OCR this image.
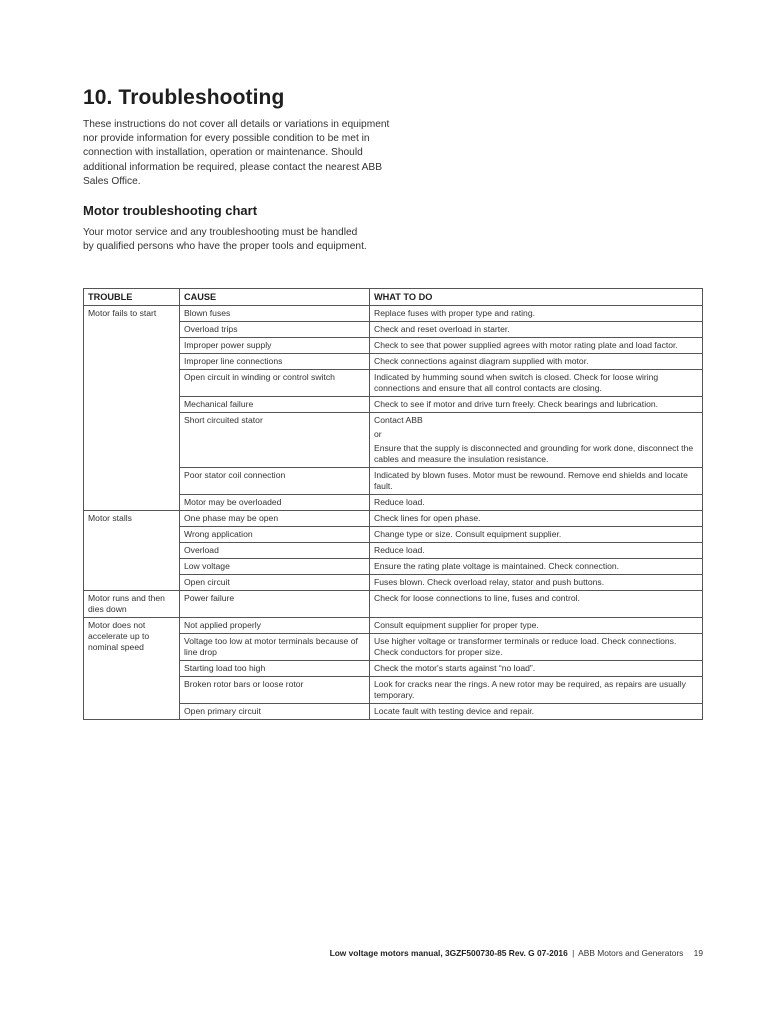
10. Troubleshooting

These instructions do not cover all details or variations in equipment nor provide information for every possible condition to be met in connection with installation, operation or maintenance. Should additional information be required, please contact the nearest ABB Sales Office.

Motor troubleshooting chart

Your motor service and any troubleshooting must be handled by qualified persons who have the proper tools and equipment.

TROUBLE	CAUSE	WHAT TO DO
Motor fails to start	Blown fuses	Replace fuses with proper type and rating.
	Overload trips	Check and reset overload in starter.
	Improper power supply	Check to see that power supplied agrees with motor rating plate and load factor.
	Improper line connections	Check connections against diagram supplied with motor.
	Open circuit in winding or control switch	Indicated by humming sound when switch is closed. Check for loose wiring connections and ensure that all control contacts are closing.
	Mechanical failure	Check to see if motor and drive turn freely. Check bearings and lubrication.
	Short circuited stator	Contact ABB
or
Ensure that the supply is disconnected and grounding for work done, disconnect the cables and measure the insulation resistance.
	Poor stator coil connection	Indicated by blown fuses. Motor must be rewound. Remove end shields and locate fault.
	Motor may be overloaded	Reduce load.
Motor stalls	One phase may be open	Check lines for open phase.
	Wrong application	Change type or size. Consult equipment supplier.
	Overload	Reduce load.
	Low voltage	Ensure the rating plate voltage is maintained. Check connection.
	Open circuit	Fuses blown. Check overload relay, stator and push buttons.
Motor runs and then dies down	Power failure	Check for loose connections to line, fuses and control.
Motor does not accelerate up to nominal speed	Not applied properly	Consult equipment supplier for proper type.
	Voltage too low at motor terminals because of line drop	Use higher voltage or transformer terminals or reduce load. Check connections. Check conductors for proper size.
	Starting load too high	Check the motor's starts against “no load”.
	Broken rotor bars or loose rotor	Look for cracks near the rings. A new rotor may be required, as repairs are usually temporary.
	Open primary circuit	Locate fault with testing device and repair.
Low voltage motors manual, 3GZF500730-85 Rev. G 07-2016 | ABB Motors and Generators 19
